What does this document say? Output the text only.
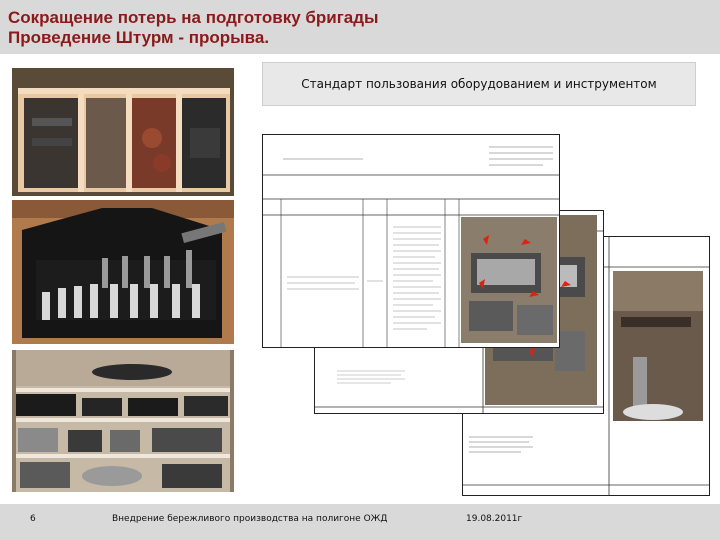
Сокращение потерь на подготовку бригады
Проведение Штурм - прорыва.
Стандарт пользования оборудованием и инструментом
6	Внедрение бережливого производства на полигоне ОЖД	19.08.2011г
